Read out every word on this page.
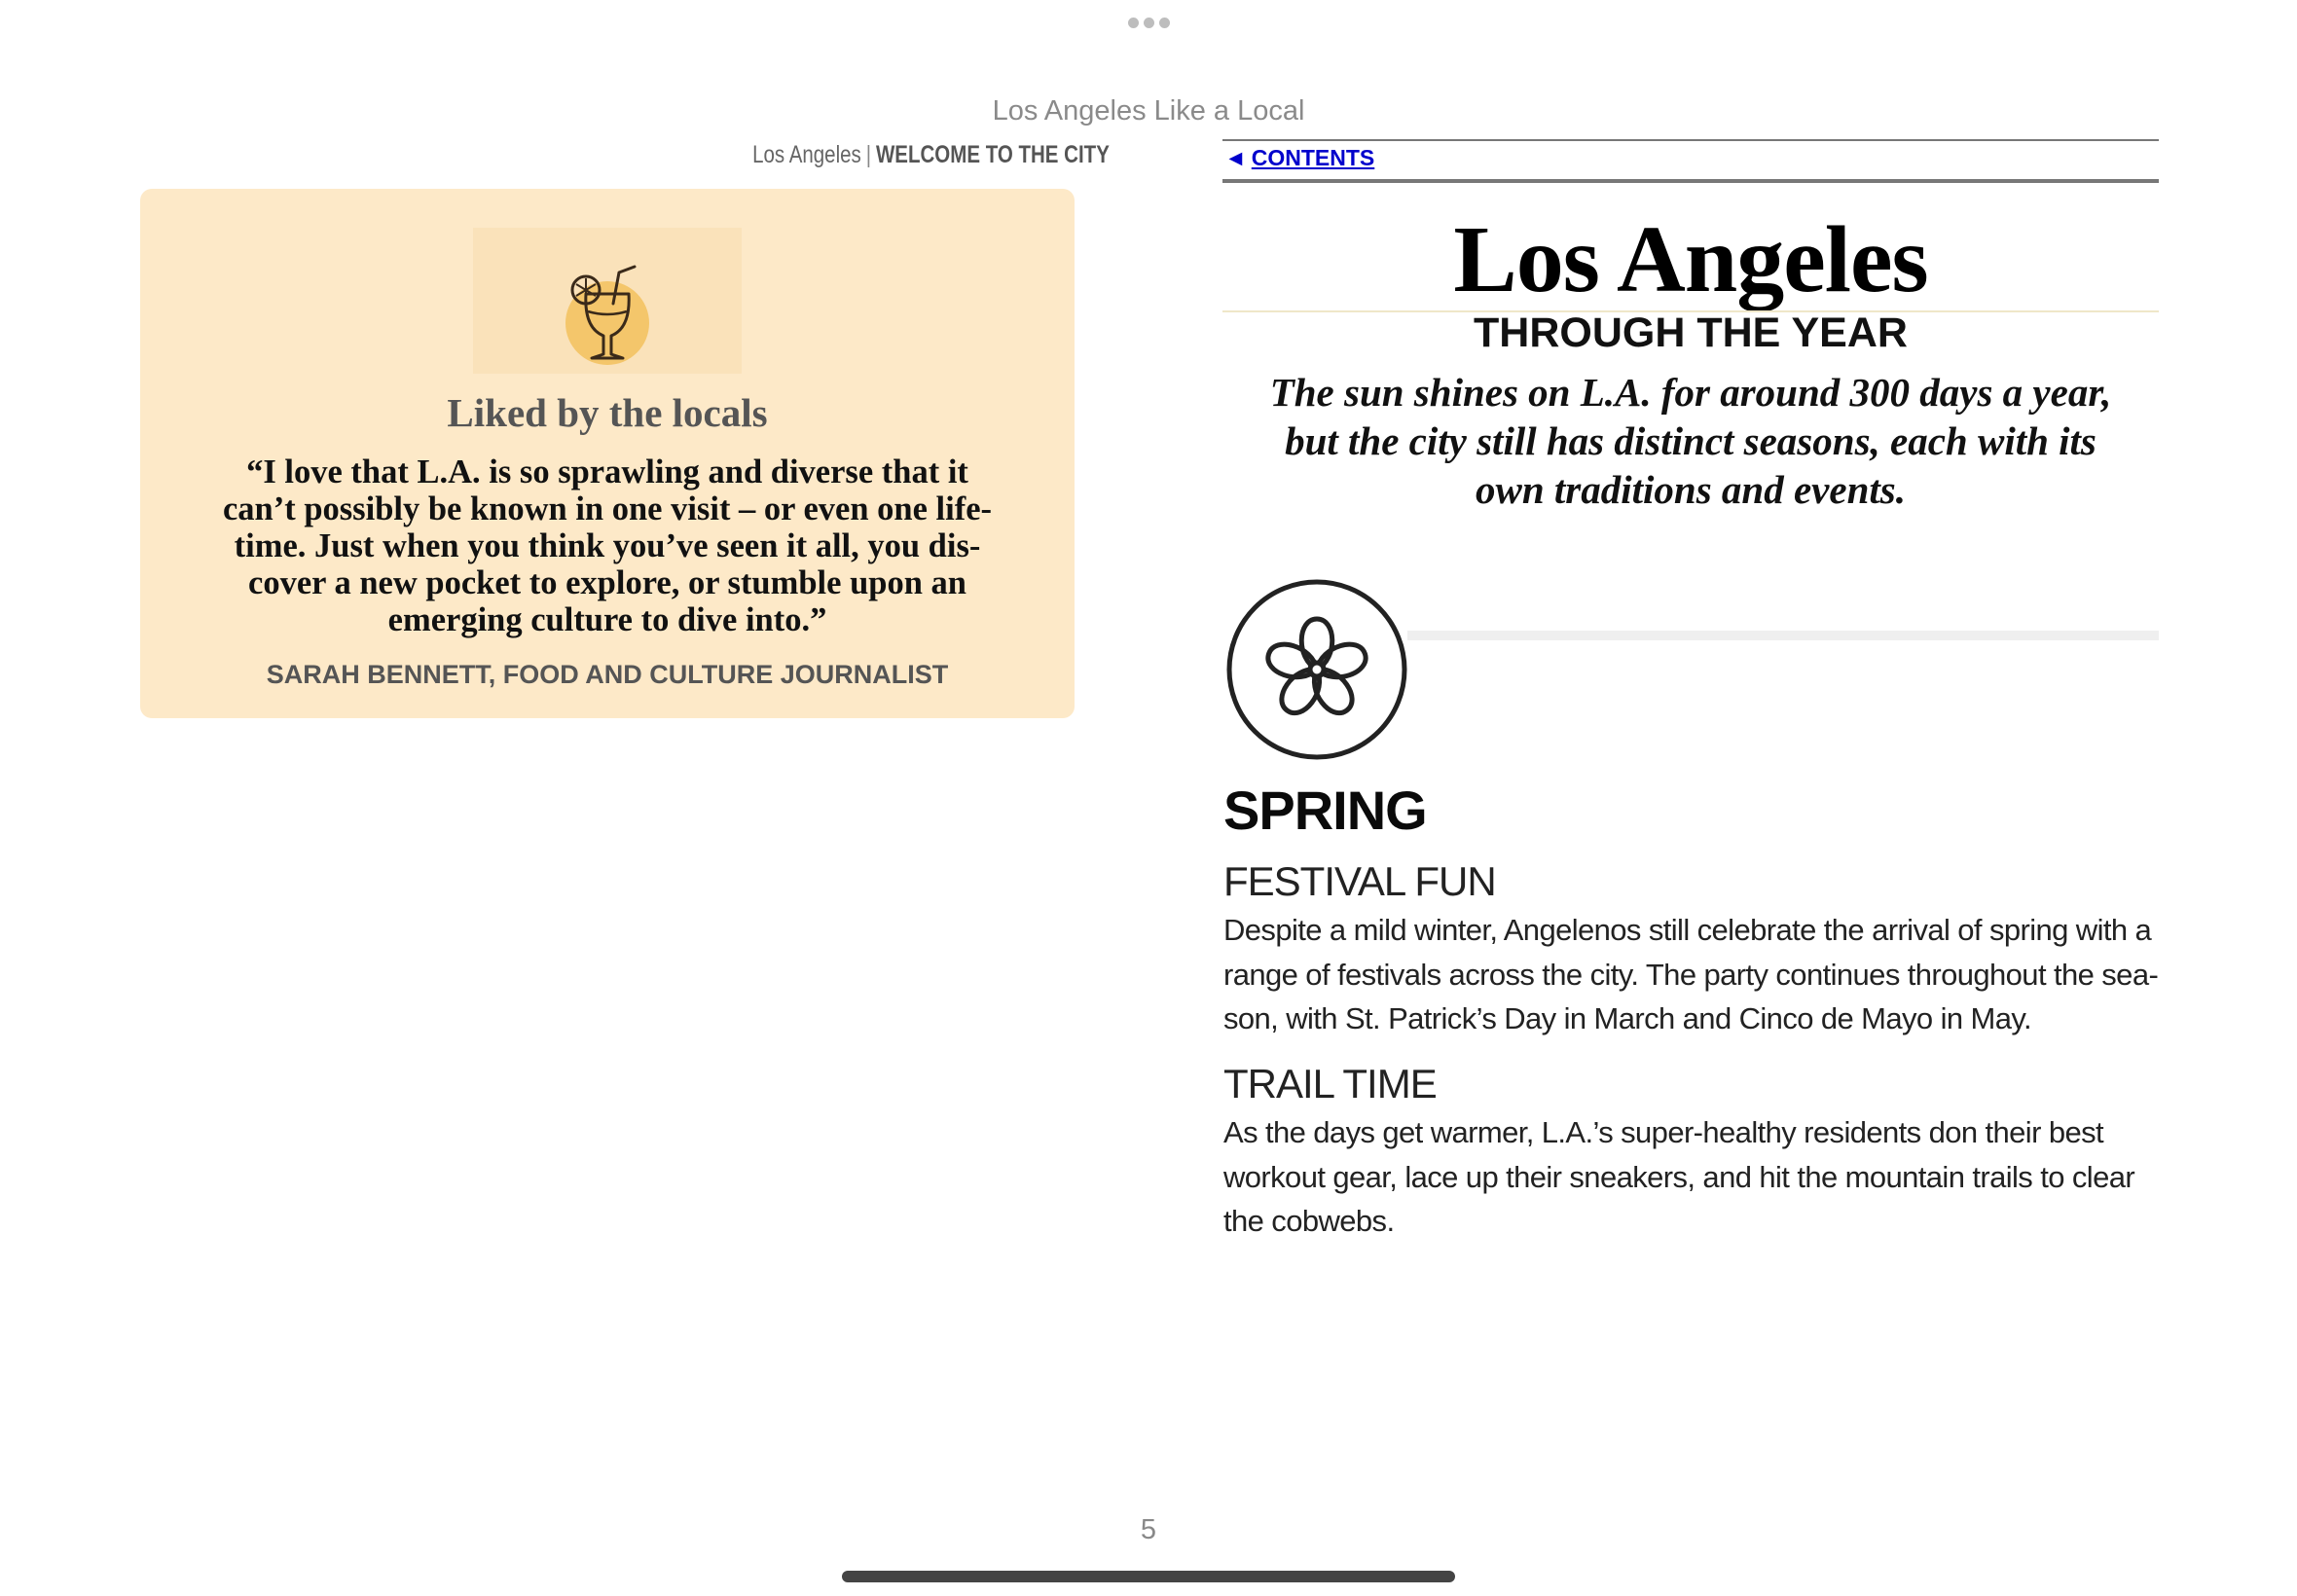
Los Angeles Like a Local
Los Angeles | WELCOME TO THE CITY
Liked by the locals
“I love that L.A. is so sprawling and diverse that it
can’t possibly be known in one visit – or even one life-
time. Just when you think you’ve seen it all, you dis-
cover a new pocket to explore, or stumble upon an
emerging culture to dive into.”
SARAH BENNETT, FOOD AND CULTURE JOURNALIST
◄ CONTENTS
Los Angeles
THROUGH THE YEAR
The sun shines on L.A. for around 300 days a year,
but the city still has distinct seasons, each with its
own traditions and events.
SPRING
FESTIVAL FUN
Despite a mild winter, Angelenos still celebrate the arrival of spring with a
range of festivals across the city. The party continues throughout the sea-
son, with St. Patrick’s Day in March and Cinco de Mayo in May.
TRAIL TIME
As the days get warmer, L.A.’s super-healthy residents don their best
workout gear, lace up their sneakers, and hit the mountain trails to clear
the cobwebs.
5
